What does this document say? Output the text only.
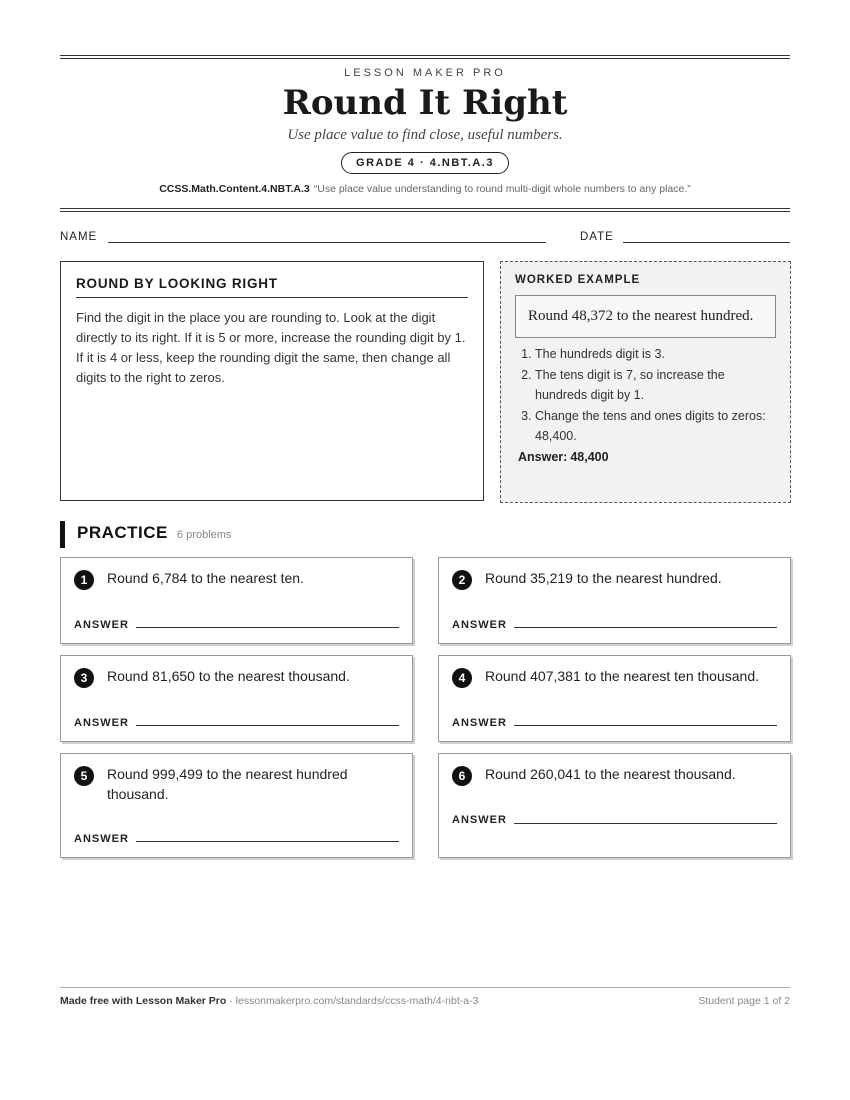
LESSON MAKER PRO
Round It Right
Use place value to find close, useful numbers.
GRADE 4 · 4.NBT.A.3
CCSS.Math.Content.4.NBT.A.3 “Use place value understanding to round multi-digit whole numbers to any place.”
NAME	DATE
ROUND BY LOOKING RIGHT

Find the digit in the place you are rounding to. Look at the digit directly to its right. If it is 5 or more, increase the rounding digit by 1. If it is 4 or less, keep the rounding digit the same, then change all digits to the right to zeros.

WORKED EXAMPLE
Round 48,372 to the nearest hundred.
1. The hundreds digit is 3.
2. The tens digit is 7, so increase the hundreds digit by 1.
3. Change the tens and ones digits to zeros: 48,400.
Answer: 48,400
PRACTICE 6 problems
1	Round 6,784 to the nearest ten.
ANSWER
2	Round 35,219 to the nearest hundred.
ANSWER
3	Round 81,650 to the nearest thousand.
ANSWER
4	Round 407,381 to the nearest ten thousand.
ANSWER
5	Round 999,499 to the nearest hundred thousand.
ANSWER
6	Round 260,041 to the nearest thousand.
ANSWER
Made free with Lesson Maker Pro · lessonmakerpro.com/standards/ccss-math/4-nbt-a-3	Student page 1 of 2
